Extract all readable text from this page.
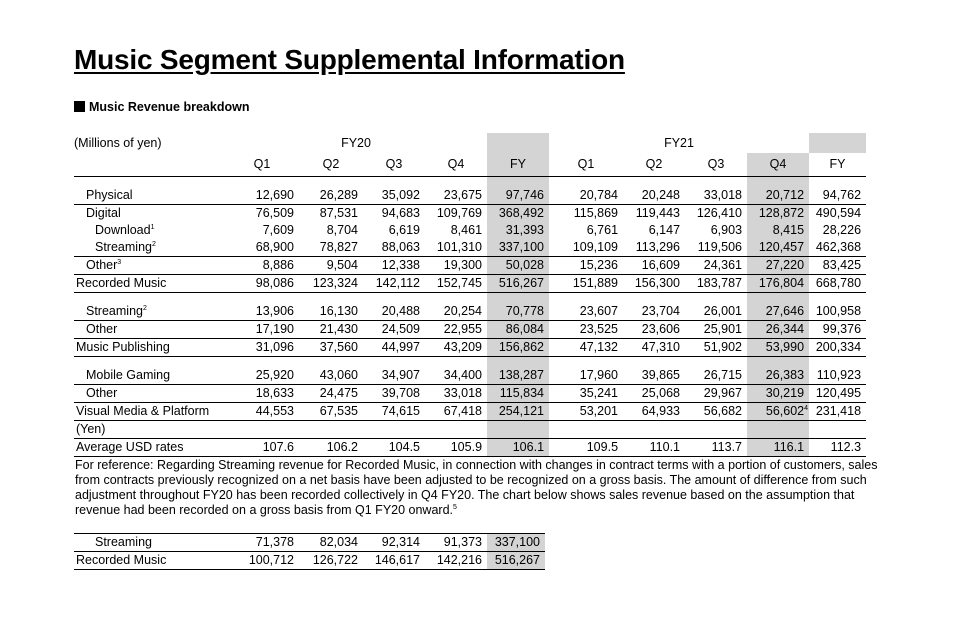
Music Segment Supplemental Information
Music Revenue breakdown
(Millions of yen)	FY20					FY21				
	Q1	Q2	Q3	Q4	FY	Q1	Q2	Q3	Q4	FY

Physical	12,690	26,289	35,092	23,675	97,746	20,784	20,248	33,018	20,712	94,762
Digital	76,509	87,531	94,683	109,769	368,492	115,869	119,443	126,410	128,872	490,594
Download$^1$	7,609	8,704	6,619	8,461	31,393	6,761	6,147	6,903	8,415	28,226
Streaming$^2$	68,900	78,827	88,063	101,310	337,100	109,109	113,296	119,506	120,457	462,368
Other$^3$	8,886	9,504	12,338	19,300	50,028	15,236	16,609	24,361	27,220	83,425
Recorded Music	98,086	123,324	142,112	152,745	516,267	151,889	156,300	183,787	176,804	668,780

Streaming$^2$	13,906	16,130	20,488	20,254	70,778	23,607	23,704	26,001	27,646	100,958
Other	17,190	21,430	24,509	22,955	86,084	23,525	23,606	25,901	26,344	99,376
Music Publishing	31,096	37,560	44,997	43,209	156,862	47,132	47,310	51,902	53,990	200,334

Mobile Gaming	25,920	43,060	34,907	34,400	138,287	17,960	39,865	26,715	26,383	110,923
Other	18,633	24,475	39,708	33,018	115,834	35,241	25,068	29,967	30,219	120,495
Visual Media & Platform	44,553	67,535	74,615	67,418	254,121	53,201	64,933	56,682	56,602$^4$	231,418
(Yen)										
Average USD rates	107.6	106.2	104.5	105.9	106.1	109.5	110.1	113.7	116.1	112.3
For reference: Regarding Streaming revenue for Recorded Music, in connection with changes in contract terms with a portion of customers, sales from contracts previously recognized on a net basis have been adjusted to be recognized on a gross basis. The amount of difference from such adjustment throughout FY20 has been recorded collectively in Q4 FY20. The chart below shows sales revenue based on the assumption that revenue had been recorded on a gross basis from Q1 FY20 onward.$^5$
Streaming	71,378	82,034	92,314	91,373	337,100
Recorded Music	100,712	126,722	146,617	142,216	516,267
